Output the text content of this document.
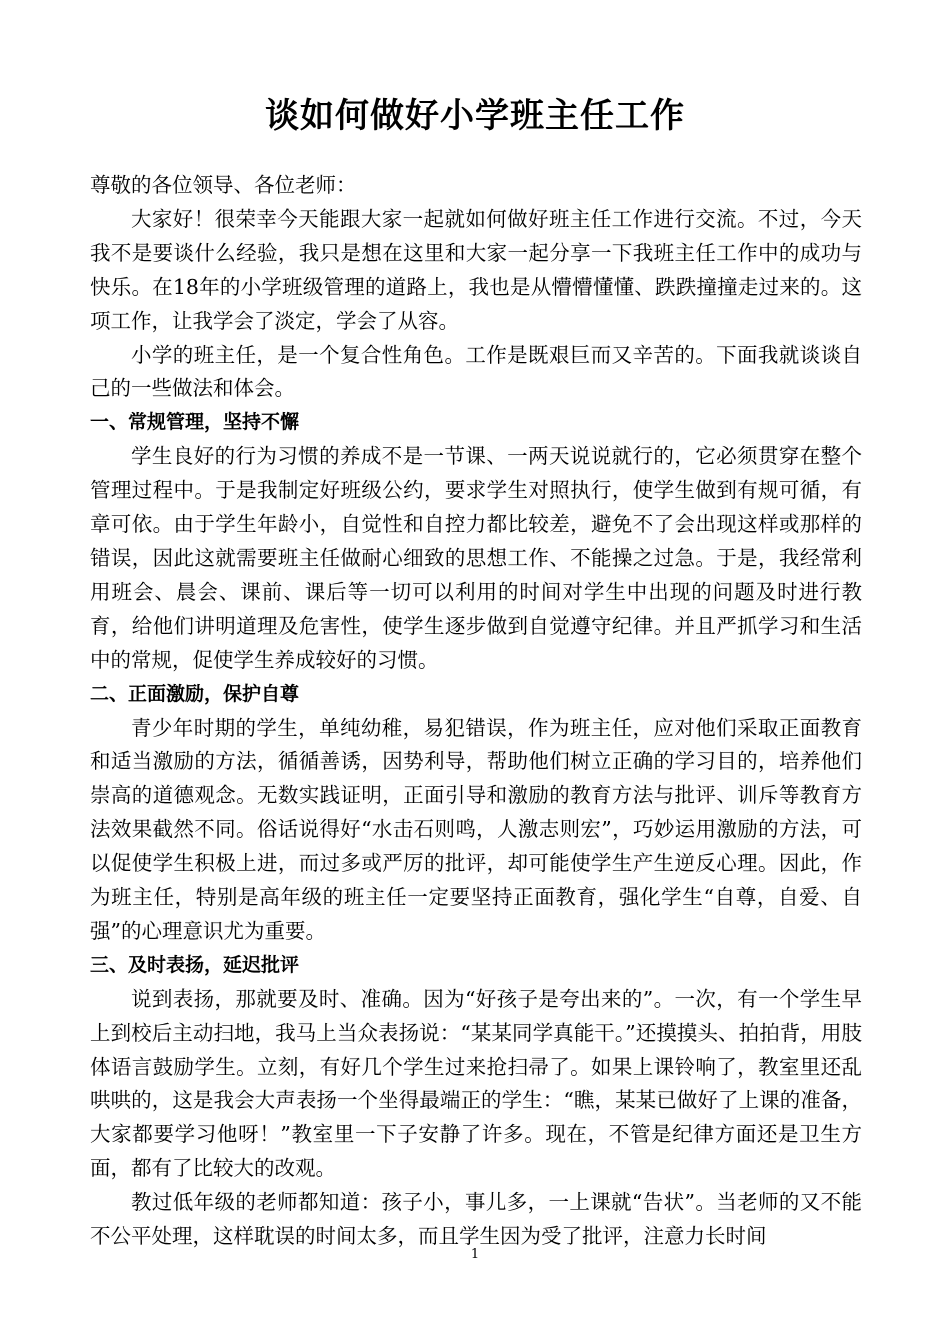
谈如何做好小学班主任工作

尊敬的各位领导、各位老师：

大家好！很荣幸今天能跟大家一起就如何做好班主任工作进行交流。不过，今天我不是要谈什么经验，我只是想在这里和大家一起分享一下我班主任工作中的成功与快乐。在18年的小学班级管理的道路上，我也是从懵懵懂懂、跌跌撞撞走过来的。这项工作，让我学会了淡定，学会了从容。

小学的班主任，是一个复合性角色。工作是既艰巨而又辛苦的。下面我就谈谈自己的一些做法和体会。

一、常规管理，坚持不懈

学生良好的行为习惯的养成不是一节课、一两天说说就行的，它必须贯穿在整个管理过程中。于是我制定好班级公约，要求学生对照执行，使学生做到有规可循，有章可依。由于学生年龄小，自觉性和自控力都比较差，避免不了会出现这样或那样的错误，因此这就需要班主任做耐心细致的思想工作、不能操之过急。于是，我经常利用班会、晨会、课前、课后等一切可以利用的时间对学生中出现的问题及时进行教育，给他们讲明道理及危害性，使学生逐步做到自觉遵守纪律。并且严抓学习和生活中的常规，促使学生养成较好的习惯。

二、正面激励，保护自尊

青少年时期的学生，单纯幼稚，易犯错误，作为班主任，应对他们采取正面教育和适当激励的方法，循循善诱，因势利导，帮助他们树立正确的学习目的，培养他们崇高的道德观念。无数实践证明，正面引导和激励的教育方法与批评、训斥等教育方法效果截然不同。俗话说得好“水击石则鸣，人激志则宏”，巧妙运用激励的方法，可以促使学生积极上进，而过多或严厉的批评，却可能使学生产生逆反心理。因此，作为班主任，特别是高年级的班主任一定要坚持正面教育，强化学生“自尊，自爱、自强”的心理意识尤为重要。

三、及时表扬，延迟批评

说到表扬，那就要及时、准确。因为“好孩子是夸出来的”。一次，有一个学生早上到校后主动扫地，我马上当众表扬说：“某某同学真能干。”还摸摸头、拍拍背，用肢体语言鼓励学生。立刻，有好几个学生过来抢扫帚了。如果上课铃响了，教室里还乱哄哄的，这是我会大声表扬一个坐得最端正的学生：“瞧，某某已做好了上课的准备，大家都要学习他呀！”教室里一下子安静了许多。现在，不管是纪律方面还是卫生方面，都有了比较大的改观。

教过低年级的老师都知道：孩子小，事儿多，一上课就“告状”。当老师的又不能不公平处理，这样耽误的时间太多，而且学生因为受了批评，注意力长时间

1
